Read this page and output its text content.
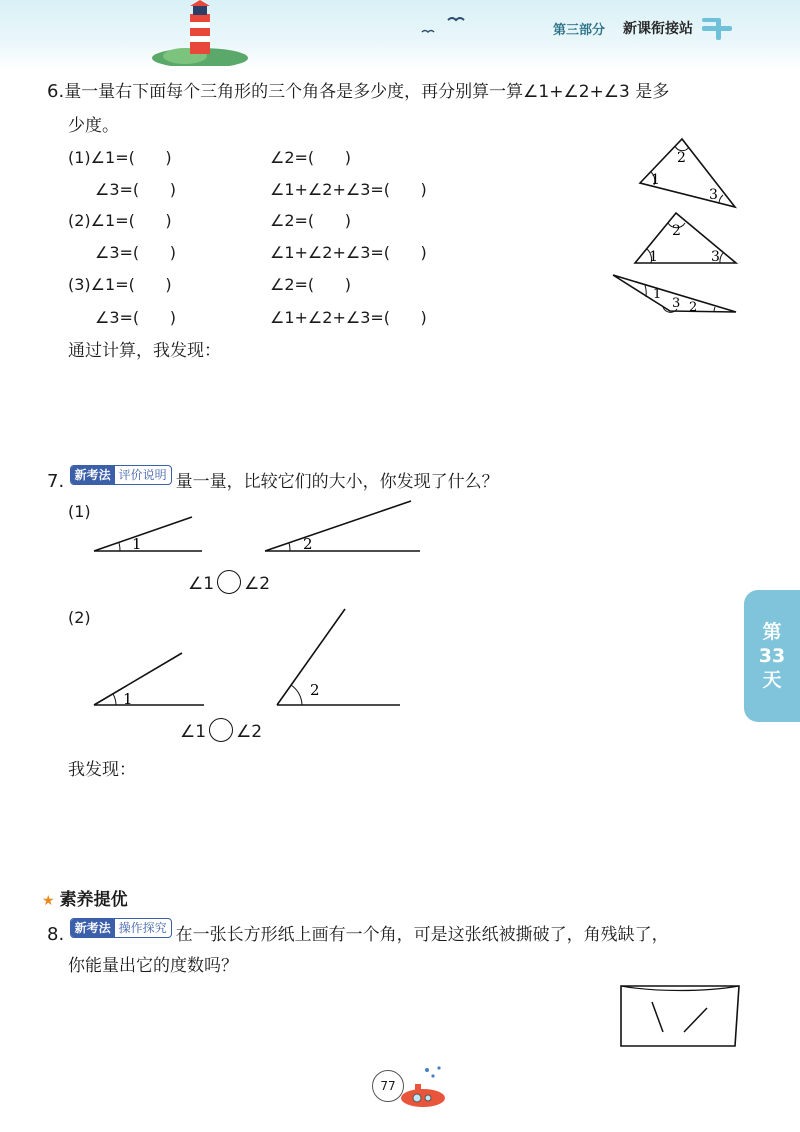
第三部分 新课衔接站
6.量一量右下面每个三角形的三个角各是多少度，再分别算一算∠1+∠2+∠3 是多
少度。
(1)∠1=(      )	∠2=(      )
∠3=(      )	∠1+∠2+∠3=(      )
(2)∠1=(      )	∠2=(      )
∠3=(      )	∠1+∠2+∠3=(      )
(3)∠1=(      )	∠2=(      )
∠3=(      )	∠1+∠2+∠3=(      )
通过计算，我发现：
2
1
3
2
1	3
1
3 2
7. 新考法 评价说明 量一量，比较它们的大小，你发现了什么？
(1)
1	2
∠1 ∠2
(2)
1	2
∠1 ∠2
我发现：
★ 素养提优
8. 新考法 操作探究 在一张长方形纸上画有一个角，可是这张纸被撕破了，角残缺了，
你能量出它的度数吗？
第
33
天
77
